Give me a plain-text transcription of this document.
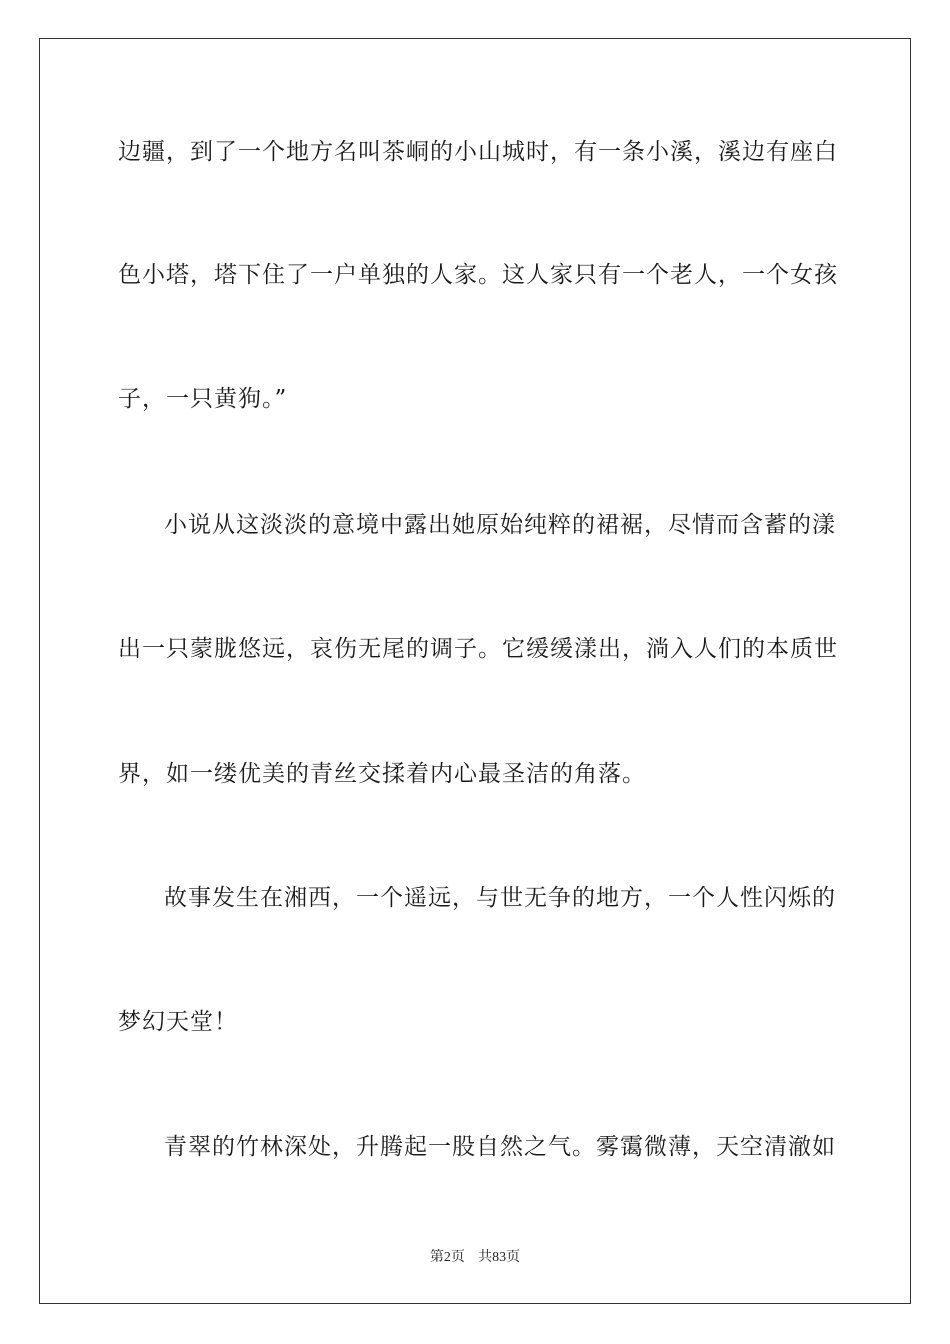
边疆，到了一个地方名叫茶峒的小山城时，有一条小溪，溪边有座白
色小塔，塔下住了一户单独的人家。这人家只有一个老人，一个女孩
子，一只黄狗。”
小说从这淡淡的意境中露出她原始纯粹的裙裾，尽情而含蓄的漾
出一只蒙胧悠远，哀伤无尾的调子。它缓缓漾出，淌入人们的本质世
界，如一缕优美的青丝交揉着内心最圣洁的角落。
故事发生在湘西，一个遥远，与世无争的地方，一个人性闪烁的
梦幻天堂！
青翠的竹林深处，升腾起一股自然之气。雾霭微薄，天空清澈如
第2页 共83页
